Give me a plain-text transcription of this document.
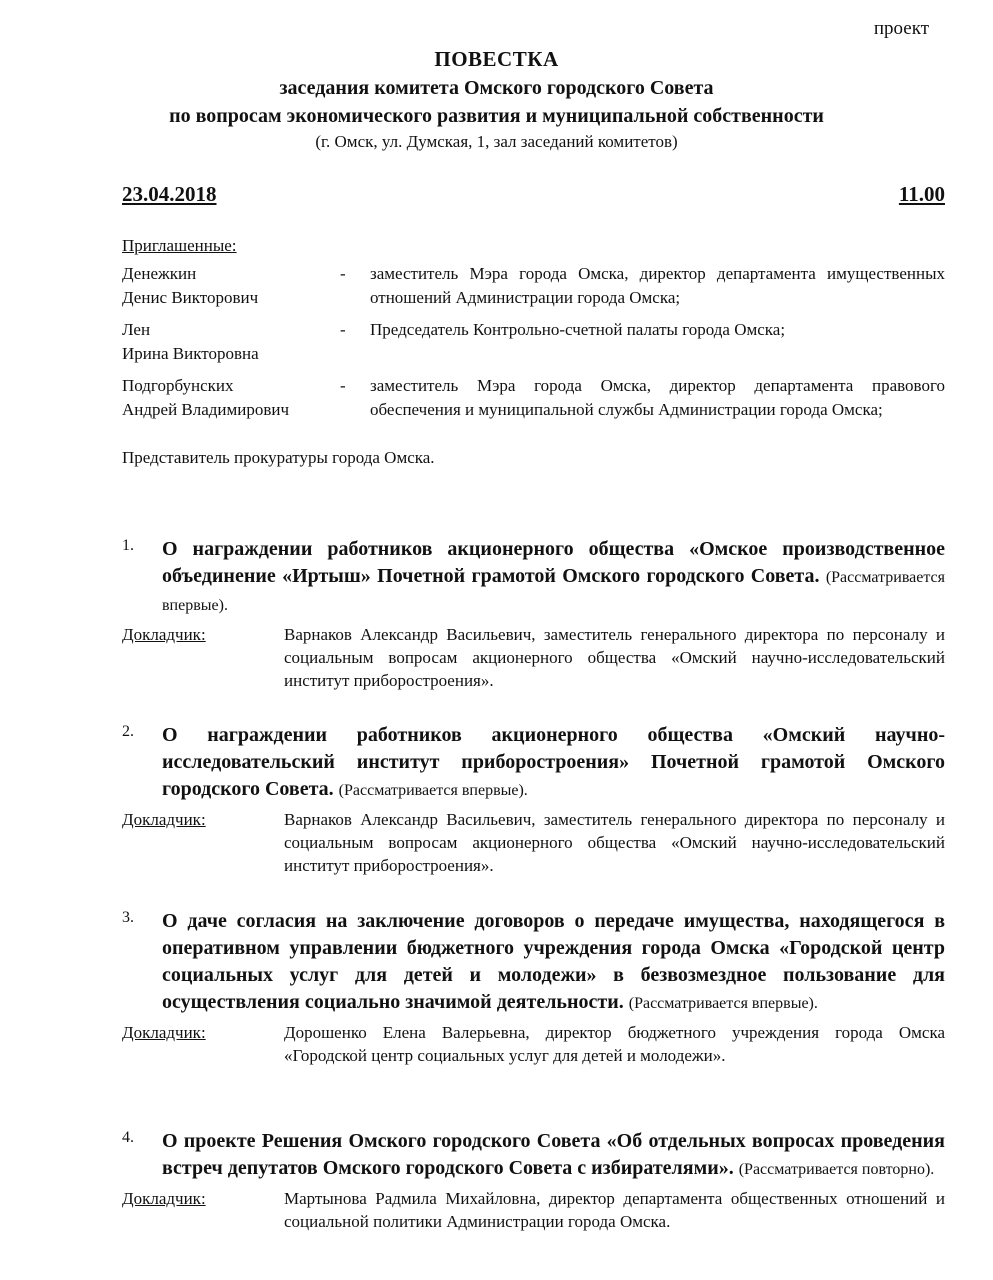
проект
ПОВЕСТКА
заседания комитета Омского городского Совета
по вопросам экономического развития и муниципальной собственности
(г. Омск, ул. Думская, 1, зал заседаний комитетов)
23.04.2018	11.00
Приглашенные:
Денежкин
Денис Викторович
-	заместитель Мэра города Омска, директор департамента имущественных отношений Администрации города Омска;
Лен
Ирина Викторовна
-	Председатель Контрольно-счетной палаты города Омска;
Подгорбунских
Андрей Владимирович
-	заместитель Мэра города Омска, директор департамента правового обеспечения и муниципальной службы Администрации города Омска;
Представитель прокуратуры города Омска.
1.	О награждении работников акционерного общества «Омское производственное объединение «Иртыш» Почетной грамотой Омского городского Совета. (Рассматривается впервые).
Докладчик:	Варнаков Александр Васильевич, заместитель генерального директора по персоналу и социальным вопросам акционерного общества «Омский научно-исследовательский институт приборостроения».
2.	О награждении работников акционерного общества «Омский научно-исследовательский институт приборостроения» Почетной грамотой Омского городского Совета. (Рассматривается впервые).
Докладчик:	Варнаков Александр Васильевич, заместитель генерального директора по персоналу и социальным вопросам акционерного общества «Омский научно-исследовательский институт приборостроения».
3.	О даче согласия на заключение договоров о передаче имущества, находящегося в оперативном управлении бюджетного учреждения города Омска «Городской центр социальных услуг для детей и молодежи» в безвозмездное пользование для осуществления социально значимой деятельности. (Рассматривается впервые).
Докладчик:	Дорошенко Елена Валерьевна, директор бюджетного учреждения города Омска «Городской центр социальных услуг для детей и молодежи».
4.	О проекте Решения Омского городского Совета «Об отдельных вопросах проведения встреч депутатов Омского городского Совета с избирателями». (Рассматривается повторно).
Докладчик:	Мартынова Радмила Михайловна, директор департамента общественных отношений и социальной политики Администрации города Омска.
